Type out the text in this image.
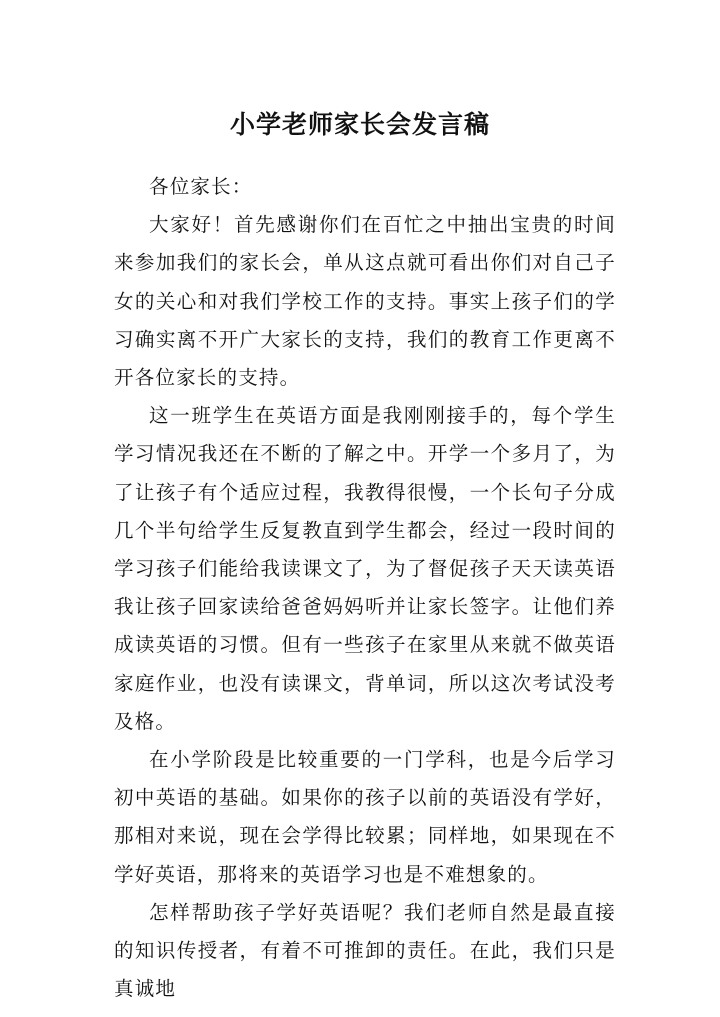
小学老师家长会发言稿

各位家长：

大家好！首先感谢你们在百忙之中抽出宝贵的时间来参加我们的家长会，单从这点就可看出你们对自己子女的关心和对我们学校工作的支持。事实上孩子们的学习确实离不开广大家长的支持，我们的教育工作更离不开各位家长的支持。

这一班学生在英语方面是我刚刚接手的，每个学生学习情况我还在不断的了解之中。开学一个多月了，为了让孩子有个适应过程，我教得很慢，一个长句子分成几个半句给学生反复教直到学生都会，经过一段时间的学习孩子们能给我读课文了，为了督促孩子天天读英语我让孩子回家读给爸爸妈妈听并让家长签字。让他们养成读英语的习惯。但有一些孩子在家里从来就不做英语家庭作业，也没有读课文，背单词，所以这次考试没考及格。

在小学阶段是比较重要的一门学科，也是今后学习初中英语的基础。如果你的孩子以前的英语没有学好，那相对来说，现在会学得比较累；同样地，如果现在不学好英语，那将来的英语学习也是不难想象的。

怎样帮助孩子学好英语呢？我们老师自然是最直接的知识传授者，有着不可推卸的责任。在此，我们只是真诚地
